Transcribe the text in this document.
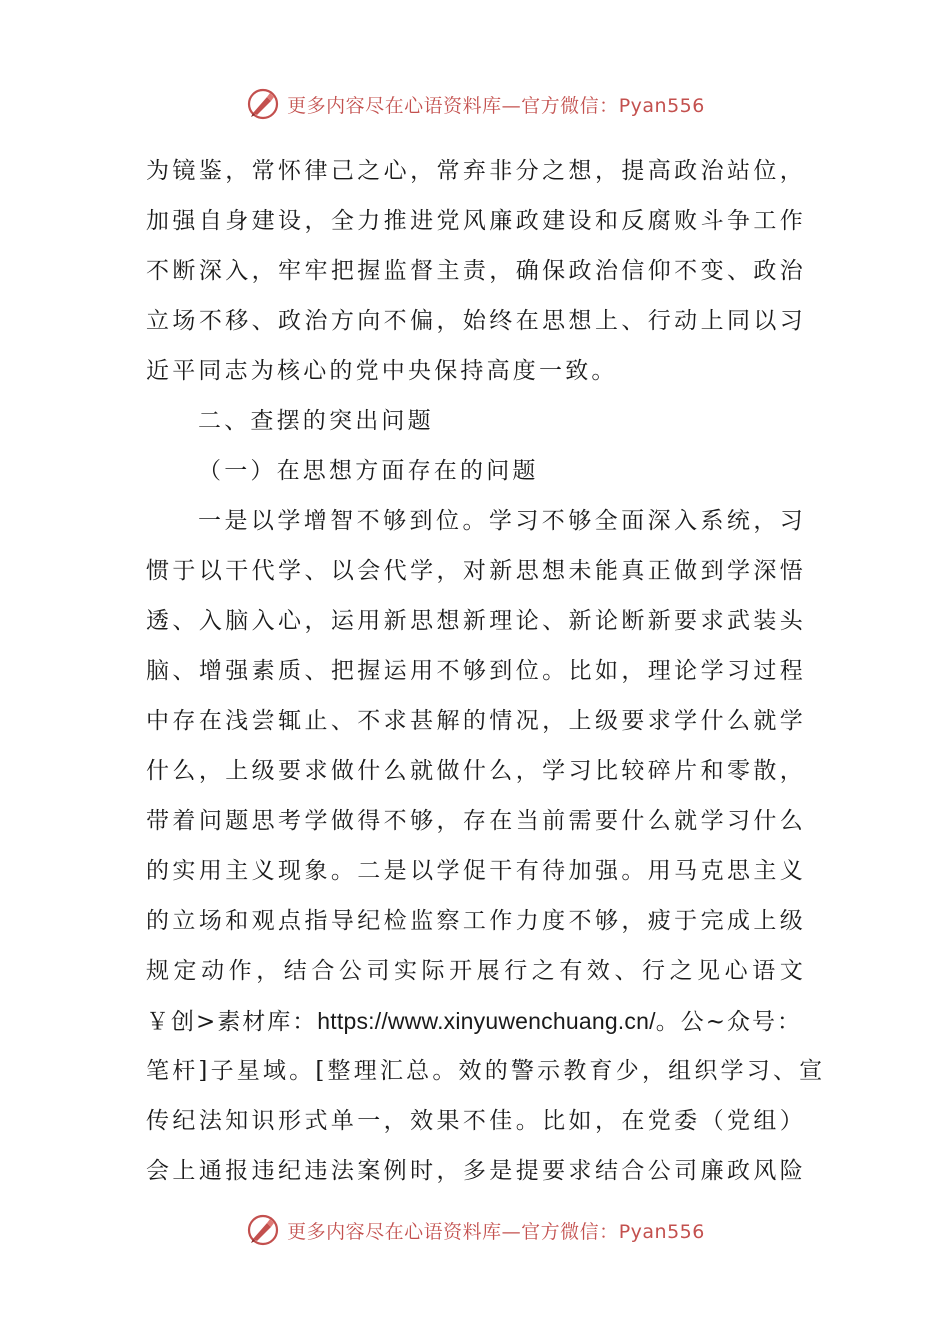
更多内容尽在心语资料库—官方微信：Pyan556
为镜鉴，常怀律己之心，常弃非分之想，提高政治站位，
加强自身建设，全力推进党风廉政建设和反腐败斗争工作
不断深入，牢牢把握监督主责，确保政治信仰不变、政治
立场不移、政治方向不偏，始终在思想上、行动上同以习
近平同志为核心的党中央保持高度一致。
二、查摆的突出问题
（一）在思想方面存在的问题
一是以学增智不够到位。学习不够全面深入系统，习
惯于以干代学、以会代学，对新思想未能真正做到学深悟
透、入脑入心，运用新思想新理论、新论断新要求武装头
脑、增强素质、把握运用不够到位。比如，理论学习过程
中存在浅尝辄止、不求甚解的情况，上级要求学什么就学
什么，上级要求做什么就做什么，学习比较碎片和零散，
带着问题思考学做得不够，存在当前需要什么就学习什么
的实用主义现象。二是以学促干有待加强。用马克思主义
的立场和观点指导纪检监察工作力度不够，疲于完成上级
规定动作，结合公司实际开展行之有效、行之见心语文
￥创>素材库：https://www.xinyuwenchuang.cn/。公~众号：
笔杆]子星域。[整理汇总。效的警示教育少，组织学习、宣
传纪法知识形式单一，效果不佳。比如，在党委（党组）
会上通报违纪违法案例时，多是提要求结合公司廉政风险
更多内容尽在心语资料库—官方微信：Pyan556
